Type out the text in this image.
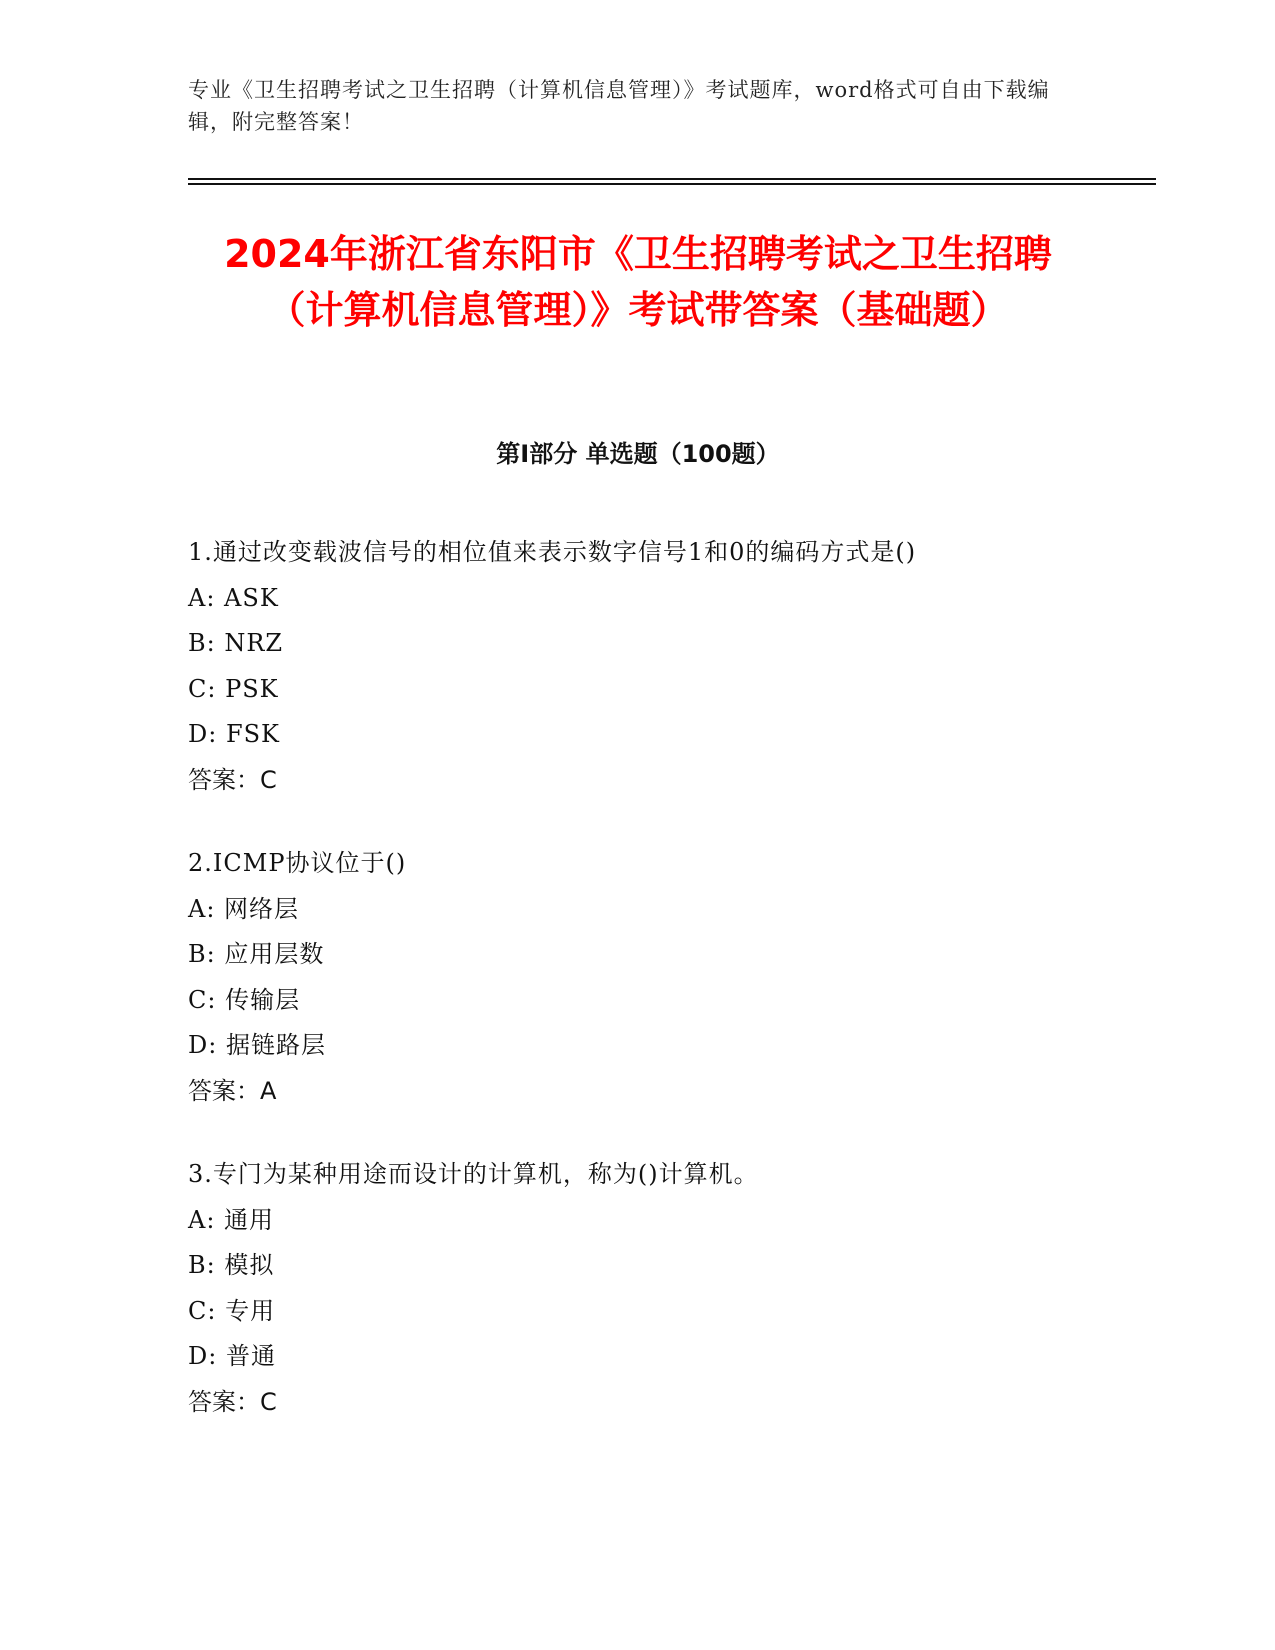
专业《卫生招聘考试之卫生招聘（计算机信息管理）》考试题库，word格式可自由下载编辑，附完整答案！
2024年浙江省东阳市《卫生招聘考试之卫生招聘（计算机信息管理）》考试带答案（基础题）
第I部分 单选题（100题）

1.通过改变载波信号的相位值来表示数字信号1和0的编码方式是()

A: ASK

B: NRZ

C: PSK

D: FSK

答案：C

2.ICMP协议位于()

A: 网络层

B: 应用层数

C: 传输层

D: 据链路层

答案：A

3.专门为某种用途而设计的计算机，称为()计算机。

A: 通用

B: 模拟

C: 专用

D: 普通

答案：C
